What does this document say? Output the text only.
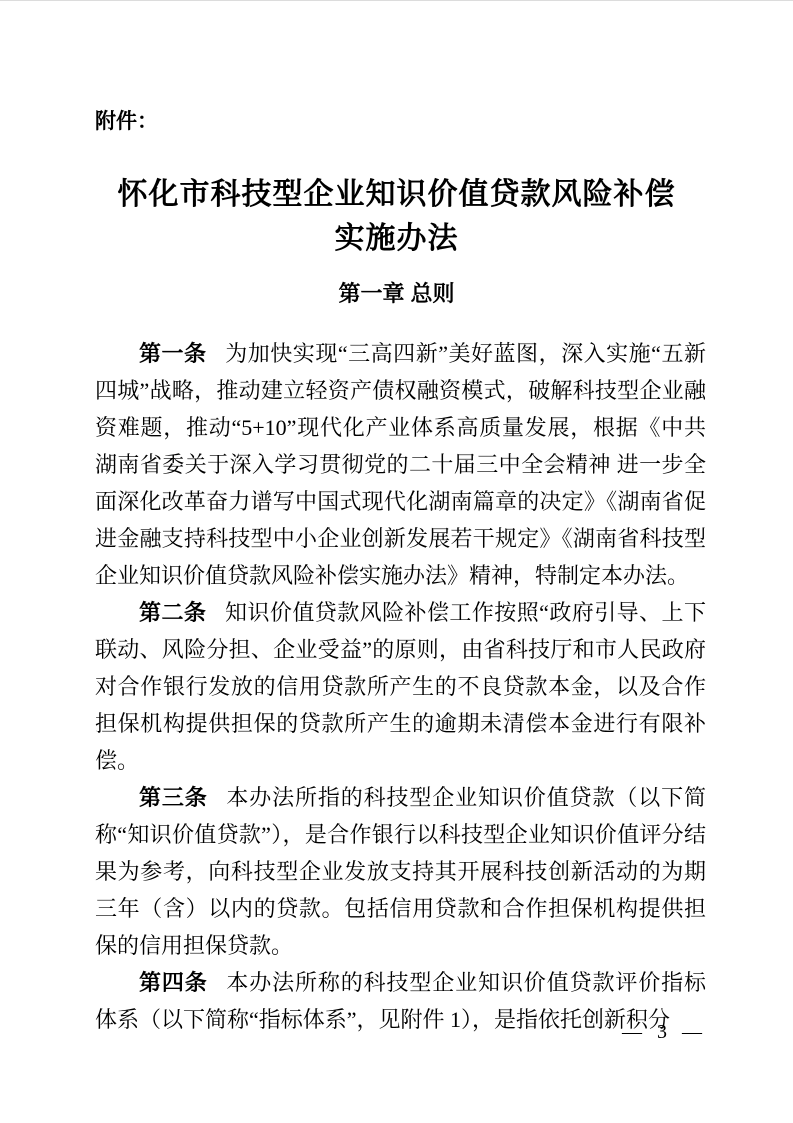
附件：
怀化市科技型企业知识价值贷款风险补偿
实施办法
第一章 总则

第一条 为加快实现“三高四新”美好蓝图，深入实施“五新四城”战略，推动建立轻资产债权融资模式，破解科技型企业融资难题，推动“5+10”现代化产业体系高质量发展，根据《中共湖南省委关于深入学习贯彻党的二十届三中全会精神 进一步全面深化改革奋力谱写中国式现代化湖南篇章的决定》《湖南省促进金融支持科技型中小企业创新发展若干规定》《湖南省科技型企业知识价值贷款风险补偿实施办法》精神，特制定本办法。

第二条 知识价值贷款风险补偿工作按照“政府引导、上下联动、风险分担、企业受益”的原则，由省科技厅和市人民政府对合作银行发放的信用贷款所产生的不良贷款本金，以及合作担保机构提供担保的贷款所产生的逾期未清偿本金进行有限补偿。

第三条 本办法所指的科技型企业知识价值贷款（以下简称“知识价值贷款”），是合作银行以科技型企业知识价值评分结果为参考，向科技型企业发放支持其开展科技创新活动的为期三年（含）以内的贷款。包括信用贷款和合作担保机构提供担保的信用担保贷款。

第四条 本办法所称的科技型企业知识价值贷款评价指标体系（以下简称“指标体系”，见附件 1），是指依托创新积分

— 3 —
